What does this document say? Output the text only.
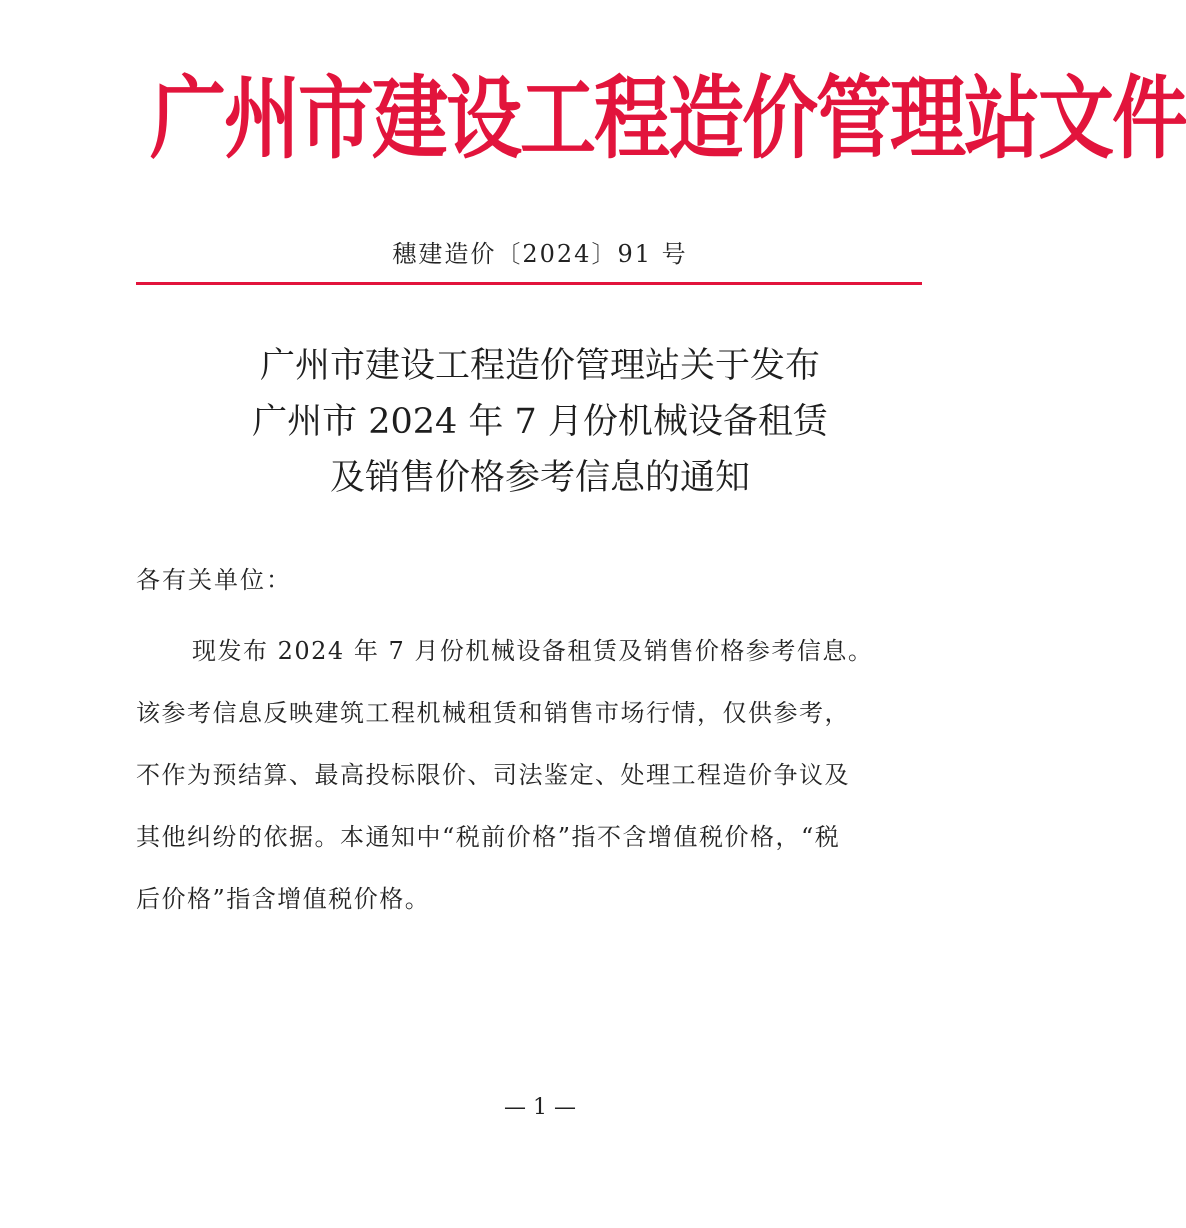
广州市建设工程造价管理站文件
穗建造价〔2024〕91 号
广州市建设工程造价管理站关于发布
广州市 2024 年 7 月份机械设备租赁
及销售价格参考信息的通知
各有关单位：
现发布 2024 年 7 月份机械设备租赁及销售价格参考信息。
该参考信息反映建筑工程机械租赁和销售市场行情，仅供参考，
不作为预结算、最高投标限价、司法鉴定、处理工程造价争议及
其他纠纷的依据。本通知中“税前价格”指不含增值税价格，“税
后价格”指含增值税价格。
— 1 —
